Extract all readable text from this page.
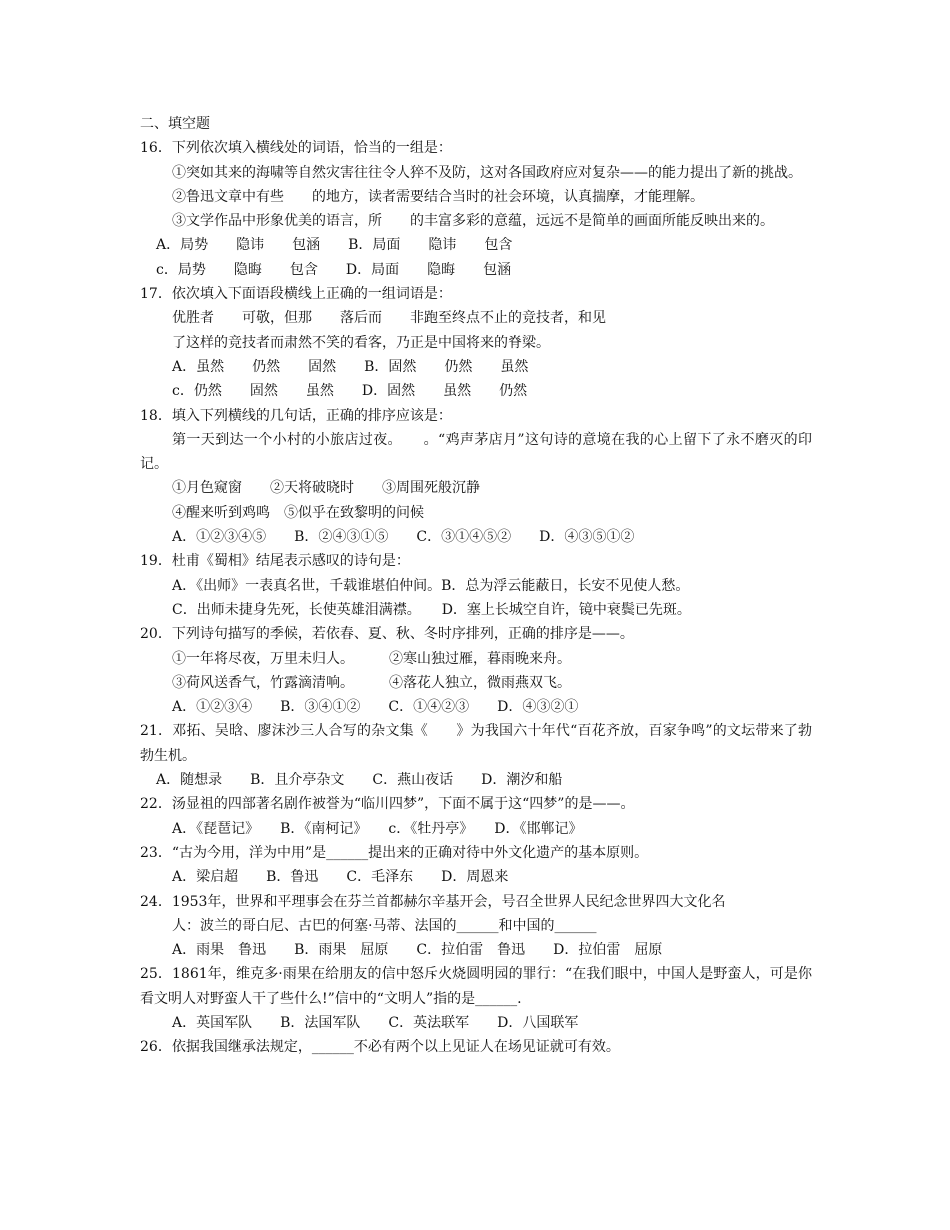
二、填空题
16．下列依次填入横线处的词语，恰当的一组是：
①突如其来的海啸等自然灾害往往令人猝不及防，这对各国政府应对复杂——的能力提出了新的挑战。
②鲁迅文章中有些　　的地方，读者需要结合当时的社会环境，认真揣摩，才能理解。
③文学作品中形象优美的语言，所　　的丰富多彩的意蕴，远远不是简单的画面所能反映出来的。
A．局势　　隐讳　　包涵　　B．局面　　隐讳　　包含
c．局势　　隐晦　　包含　　D．局面　　隐晦　　包涵
17．依次填入下面语段横线上正确的一组词语是：
优胜者　　可敬，但那　　落后而　　非跑至终点不止的竞技者，和见
了这样的竞技者而肃然不笑的看客，乃正是中国将来的脊梁。
A．虽然　　仍然　　固然　　B．固然　　仍然　　虽然
c．仍然　　固然　　虽然　　D．固然　　虽然　　仍然
18．填入下列横线的几句话，正确的排序应该是：
第一天到达一个小村的小旅店过夜。　　。“鸡声茅店月”这句诗的意境在我的心上留下了永不磨灭的印记。
①月色窥窗　　②天将破晓时　　③周围死般沉静
④醒来听到鸡鸣　⑤似乎在致黎明的问候
A．①②③④⑤　　B．②④③①⑤　　C．③①④⑤②　　D．④③⑤①②
19．杜甫《蜀相》结尾表示感叹的诗句是：
A．《出师》一表真名世，千载谁堪伯仲间。B．总为浮云能蔽日，长安不见使人愁。
C．出师未捷身先死，长使英雄泪满襟。　　D．塞上长城空自许，镜中衰鬓已先斑。
20．下列诗句描写的季候，若依春、夏、秋、冬时序排列，正确的排序是——。
①一年将尽夜，万里未归人。　　　②寒山独过雁，暮雨晚来舟。
③荷风送香气，竹露滴清响。　　　④落花人独立，微雨燕双飞。
A．①②③④　　B．③④①②　　C．①④②③　　D．④③②①
21．邓拓、吴晗、廖沫沙三人合写的杂文集《　　》为我国六十年代“百花齐放，百家争鸣”的文坛带来了勃勃生机。
A．随想录　　B．且介亭杂文　　C．燕山夜话　　D．潮汐和船
22．汤显祖的四部著名剧作被誉为“临川四梦”，下面不属于这“四梦”的是——。
A．《琵琶记》　　B．《南柯记》　　c．《牡丹亭》　　D．《邯郸记》
23．“古为今用，洋为中用”是______提出来的正确对待中外文化遗产的基本原则。
A．梁启超　　B．鲁迅　　C．毛泽东　　D．周恩来
24．1953年，世界和平理事会在芬兰首都赫尔辛基开会，号召全世界人民纪念世界四大文化名
人：波兰的哥白尼、古巴的何塞·马蒂、法国的______和中国的______
A．雨果　鲁迅　　B．雨果　屈原　　C．拉伯雷　鲁迅　　D．拉伯雷　屈原
25．1861年，维克多·雨果在给朋友的信中怒斥火烧圆明园的罪行：“在我们眼中，中国人是野蛮人，可是你看文明人对野蛮人干了些什么!”信中的“文明人”指的是______.
A．英国军队　　B．法国军队　　C．英法联军　　D．八国联军
26．依据我国继承法规定，______不必有两个以上见证人在场见证就可有效。
